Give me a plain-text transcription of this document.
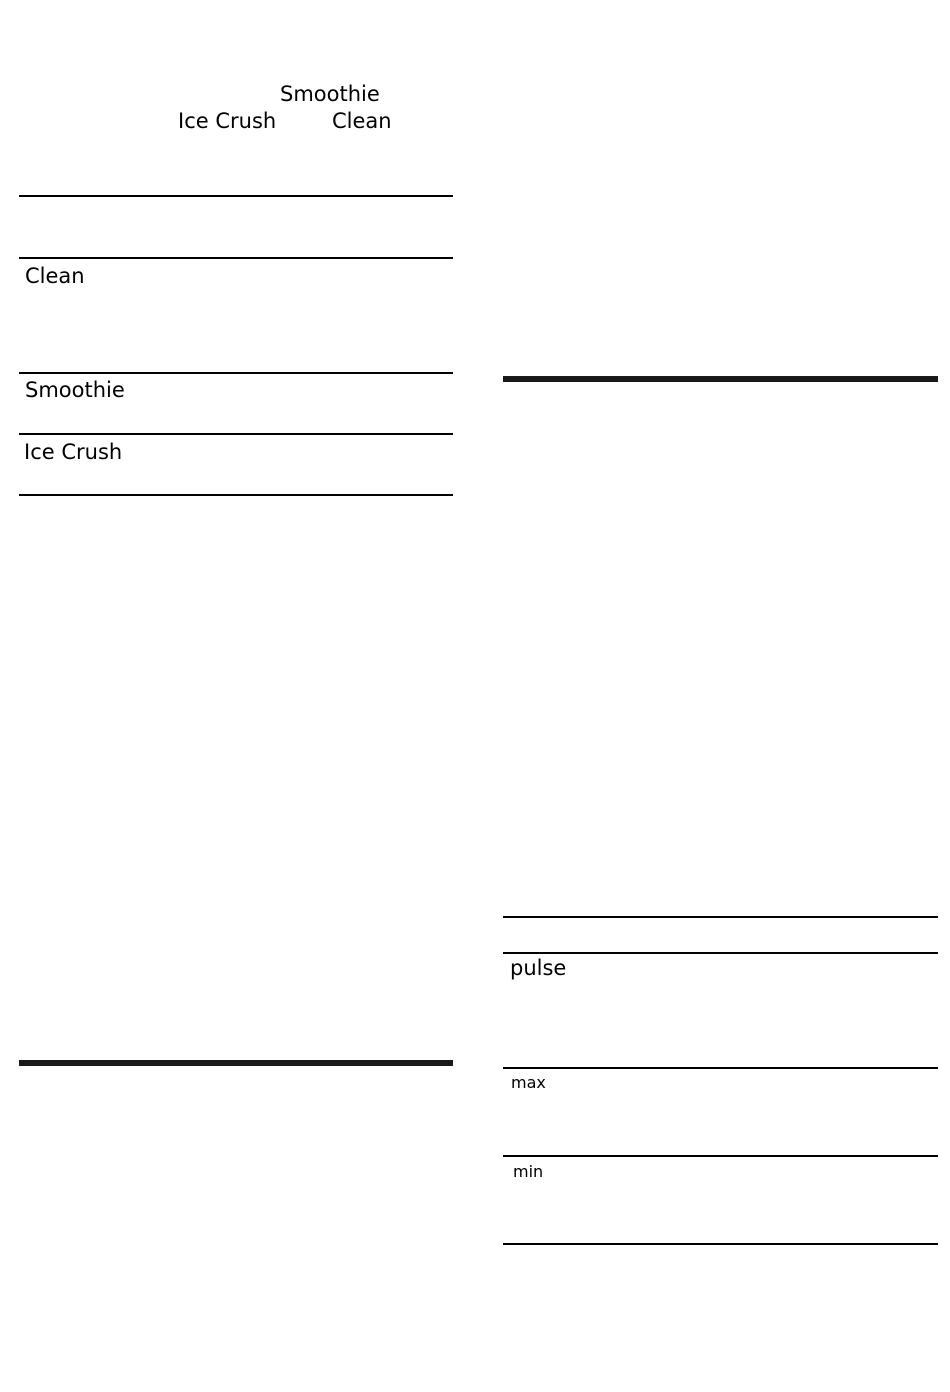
Smoothie
Ice Crush	Clean
Clean
Smoothie
Ice Crush
pulse
max
min
